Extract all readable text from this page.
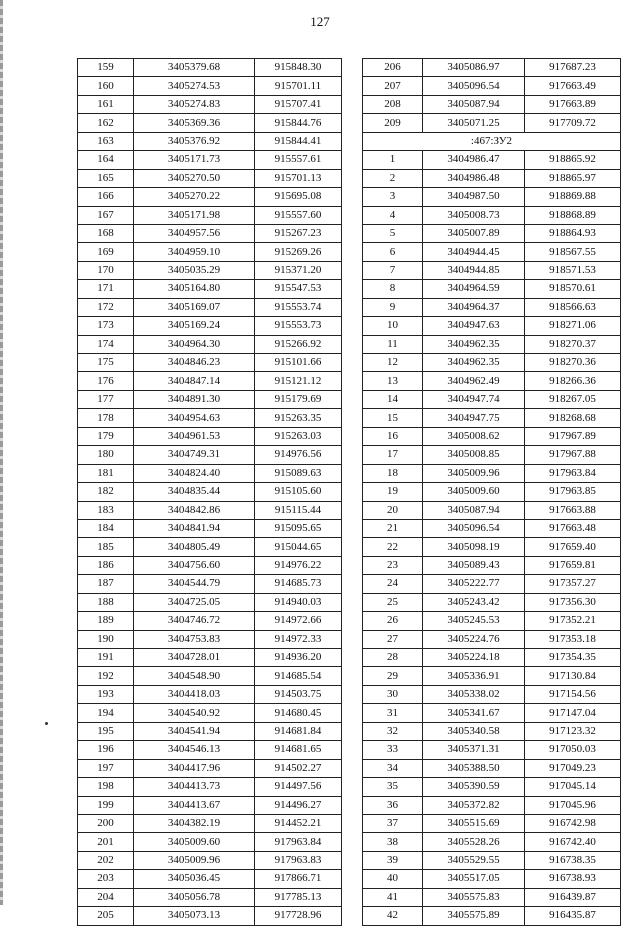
127
159	3405379.68	915848.30
160	3405274.53	915701.11
161	3405274.83	915707.41
162	3405369.36	915844.76
163	3405376.92	915844.41
164	3405171.73	915557.61
165	3405270.50	915701.13
166	3405270.22	915695.08
167	3405171.98	915557.60
168	3404957.56	915267.23
169	3404959.10	915269.26
170	3405035.29	915371.20
171	3405164.80	915547.53
172	3405169.07	915553.74
173	3405169.24	915553.73
174	3404964.30	915266.92
175	3404846.23	915101.66
176	3404847.14	915121.12
177	3404891.30	915179.69
178	3404954.63	915263.35
179	3404961.53	915263.03
180	3404749.31	914976.56
181	3404824.40	915089.63
182	3404835.44	915105.60
183	3404842.86	915115.44
184	3404841.94	915095.65
185	3404805.49	915044.65
186	3404756.60	914976.22
187	3404544.79	914685.73
188	3404725.05	914940.03
189	3404746.72	914972.66
190	3404753.83	914972.33
191	3404728.01	914936.20
192	3404548.90	914685.54
193	3404418.03	914503.75
194	3404540.92	914680.45
195	3404541.94	914681.84
196	3404546.13	914681.65
197	3404417.96	914502.27
198	3404413.73	914497.56
199	3404413.67	914496.27
200	3404382.19	914452.21
201	3405009.60	917963.84
202	3405009.96	917963.83
203	3405036.45	917866.71
204	3405056.78	917785.13
205	3405073.13	917728.96
206	3405086.97	917687.23
207	3405096.54	917663.49
208	3405087.94	917663.89
209	3405071.25	917709.72
:467:ЗУ2		
1	3404986.47	918865.92
2	3404986.48	918865.97
3	3404987.50	918869.88
4	3405008.73	918868.89
5	3405007.89	918864.93
6	3404944.45	918567.55
7	3404944.85	918571.53
8	3404964.59	918570.61
9	3404964.37	918566.63
10	3404947.63	918271.06
11	3404962.35	918270.37
12	3404962.35	918270.36
13	3404962.49	918266.36
14	3404947.74	918267.05
15	3404947.75	918268.68
16	3405008.62	917967.89
17	3405008.85	917967.88
18	3405009.96	917963.84
19	3405009.60	917963.85
20	3405087.94	917663.88
21	3405096.54	917663.48
22	3405098.19	917659.40
23	3405089.43	917659.81
24	3405222.77	917357.27
25	3405243.42	917356.30
26	3405245.53	917352.21
27	3405224.76	917353.18
28	3405224.18	917354.35
29	3405336.91	917130.84
30	3405338.02	917154.56
31	3405341.67	917147.04
32	3405340.58	917123.32
33	3405371.31	917050.03
34	3405388.50	917049.23
35	3405390.59	917045.14
36	3405372.82	917045.96
37	3405515.69	916742.98
38	3405528.26	916742.40
39	3405529.55	916738.35
40	3405517.05	916738.93
41	3405575.83	916439.87
42	3405575.89	916435.87
